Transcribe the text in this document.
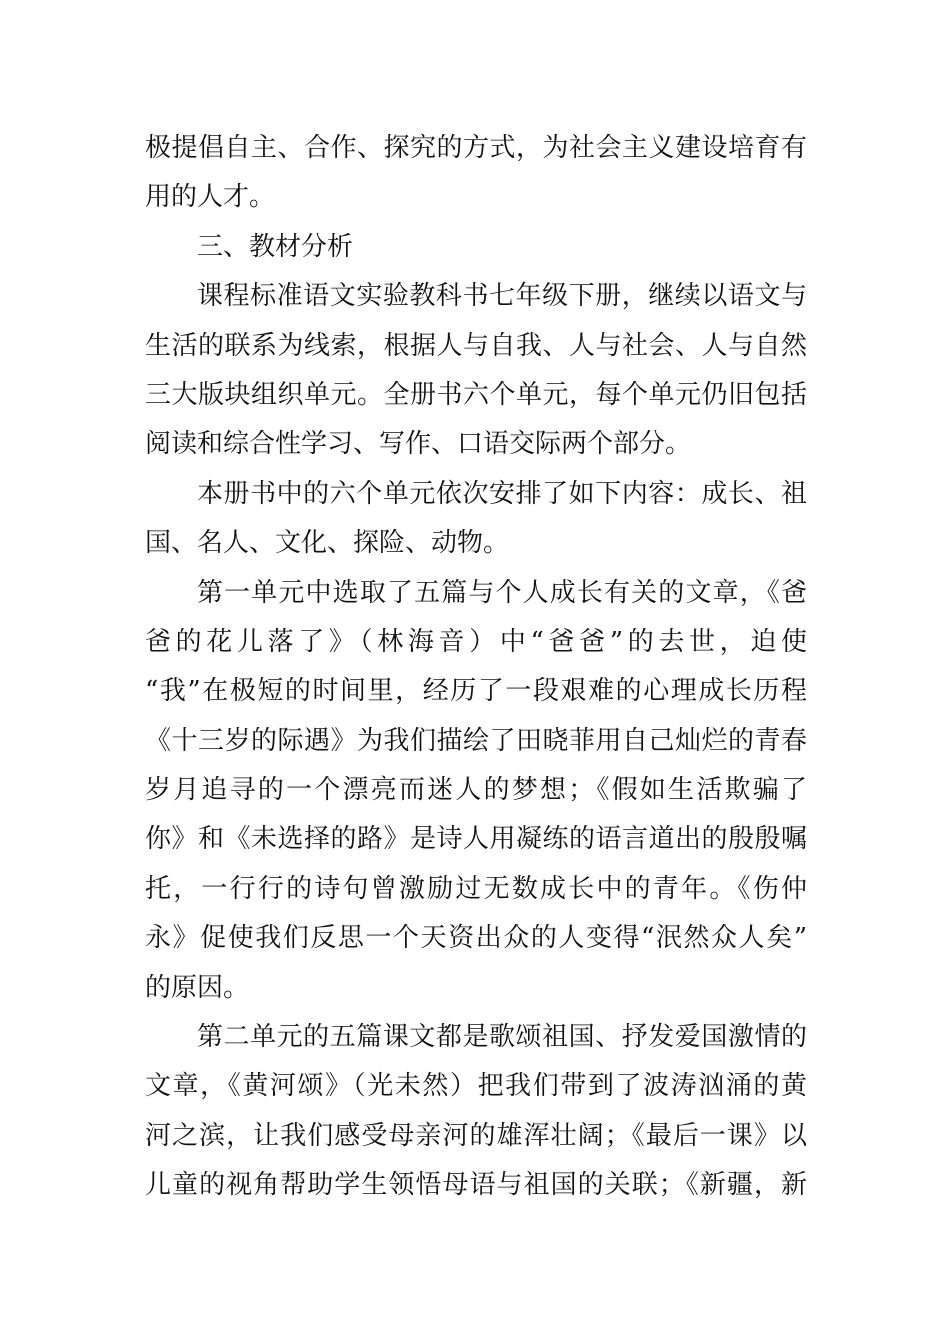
极提倡自主、合作、探究的方式，为社会主义建设培育有
用的人才。
三、教材分析
课程标准语文实验教科书七年级下册，继续以语文与
生活的联系为线索，根据人与自我、人与社会、人与自然
三大版块组织单元。全册书六个单元，每个单元仍旧包括
阅读和综合性学习、写作、口语交际两个部分。
本册书中的六个单元依次安排了如下内容：成长、祖
国、名人、文化、探险、动物。
第一单元中选取了五篇与个人成长有关的文章，《爸
爸的花儿落了》（林海音）中“爸爸”的去世，迫使
“我”在极短的时间里，经历了一段艰难的心理成长历程
《十三岁的际遇》为我们描绘了田晓菲用自己灿烂的青春
岁月追寻的一个漂亮而迷人的梦想；《假如生活欺骗了
你》和《未选择的路》是诗人用凝练的语言道出的殷殷嘱
托，一行行的诗句曾激励过无数成长中的青年。《伤仲
永》促使我们反思一个天资出众的人变得“泯然众人矣”
的原因。
第二单元的五篇课文都是歌颂祖国、抒发爱国激情的
文章，《黄河颂》（光未然）把我们带到了波涛汹涌的黄
河之滨，让我们感受母亲河的雄浑壮阔；《最后一课》以
儿童的视角帮助学生领悟母语与祖国的关联；《新疆，新
